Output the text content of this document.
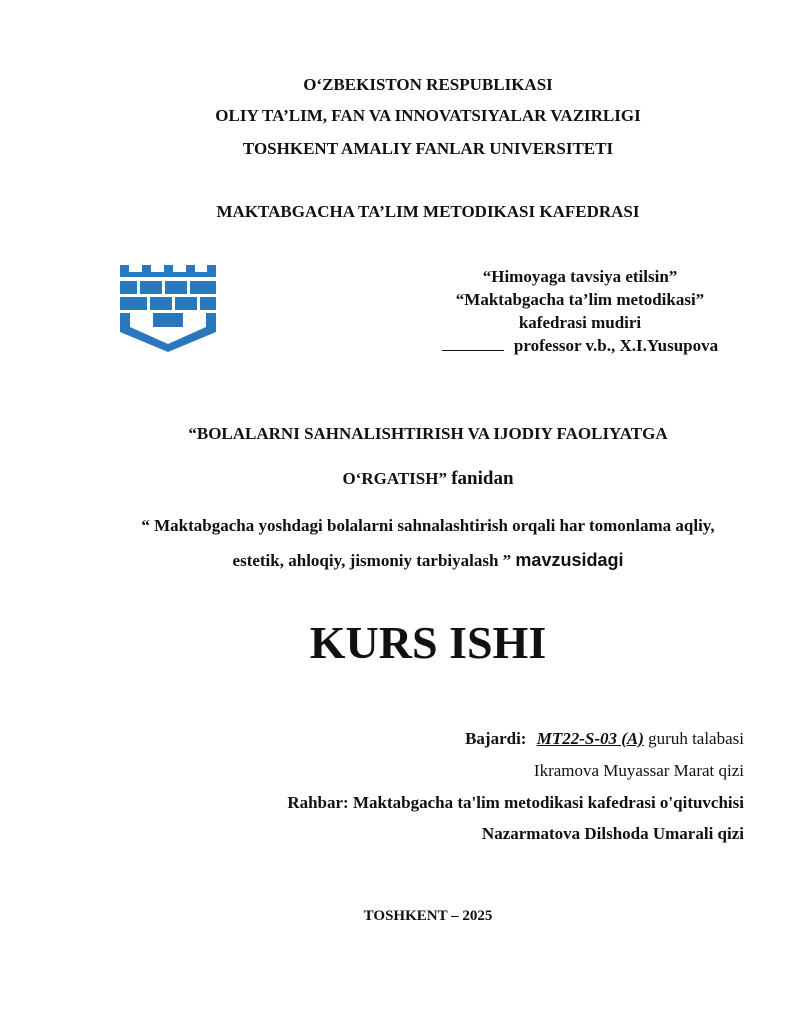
O‘ZBEKISTON RESPUBLIKASI
OLIY TA’LIM, FAN VA INNOVATSIYALAR VAZIRLIGI
TOSHKENT AMALIY FANLAR UNIVERSITETI
MAKTABGACHA TA’LIM METODIKASI KAFEDRASI
“Himoyaga tavsiya etilsin”
“Maktabgacha ta’lim metodikasi”
kafedrasi mudiri
professor v.b., X.I.Yusupova
“BOLALARNI SAHNALISHTIRISH VA IJODIY FAOLIYATGA
O‘RGATISH” fanidan
“ Maktabgacha yoshdagi bolalarni sahnalashtirish orqali har tomonlama aqliy,
estetik, ahloqiy, jismoniy tarbiyalash ” mavzusidagi
KURS ISHI
Bajardi: MT22-S-03 (A) guruh talabasi
Ikramova Muyassar Marat qizi
Rahbar: Maktabgacha ta'lim metodikasi kafedrasi o'qituvchisi
Nazarmatova Dilshoda Umarali qizi
TOSHKENT – 2025
